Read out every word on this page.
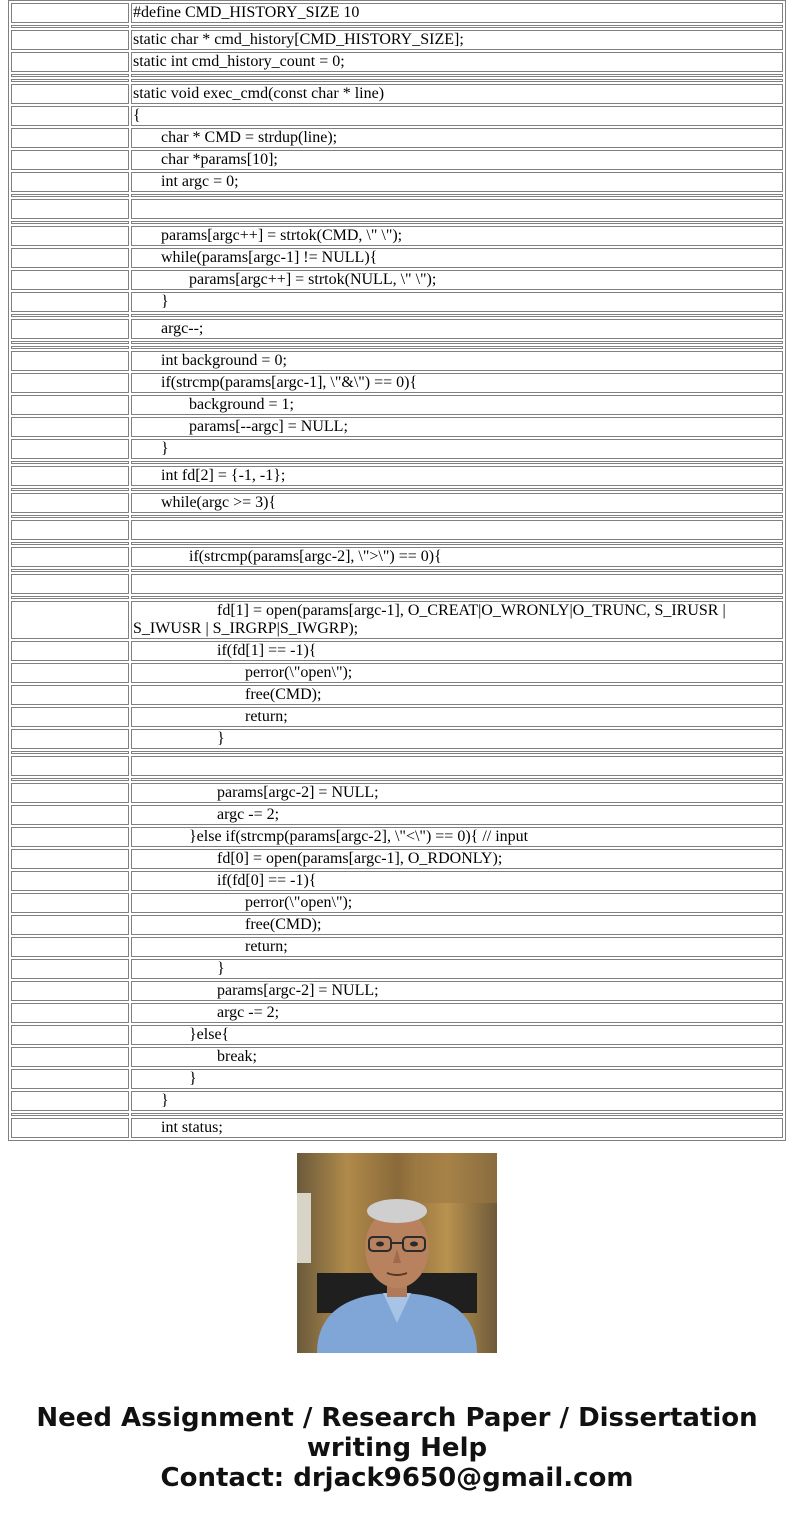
	#define CMD_HISTORY_SIZE 10

	static char * cmd_history[CMD_HISTORY_SIZE];
	static int cmd_history_count = 0;

	static void exec_cmd(const char * line)
	{
		char * CMD = strdup(line);
		char *params[10];
		int argc = 0;

		params[argc++] = strtok(CMD, \" \");
		while(params[argc-1] != NULL){
			params[argc++] = strtok(NULL, \" \");
		}

		argc--;

		int background = 0;
		if(strcmp(params[argc-1], \"&\") == 0){
			background = 1;
			params[--argc] = NULL;
		}

		int fd[2] = {-1, -1};

		while(argc >= 3){

			if(strcmp(params[argc-2], \">\") == 0){

				fd[1] = open(params[argc-1], O_CREAT|O_WRONLY|O_TRUNC, S_IRUSR | S_IWUSR | S_IRGRP|S_IWGRP);
				if(fd[1] == -1){
					perror(\"open\");
					free(CMD);
					return;
				}

				params[argc-2] = NULL;
				argc -= 2;
			}else if(strcmp(params[argc-2], \"<\") == 0){ // input
				fd[0] = open(params[argc-1], O_RDONLY);
				if(fd[0] == -1){
					perror(\"open\");
					free(CMD);
					return;
				}
				params[argc-2] = NULL;
				argc -= 2;
			}else{
				break;
			}
		}

		int status;
Need Assignment / Research Paper / Dissertation
writing Help
Contact: drjack9650@gmail.com
